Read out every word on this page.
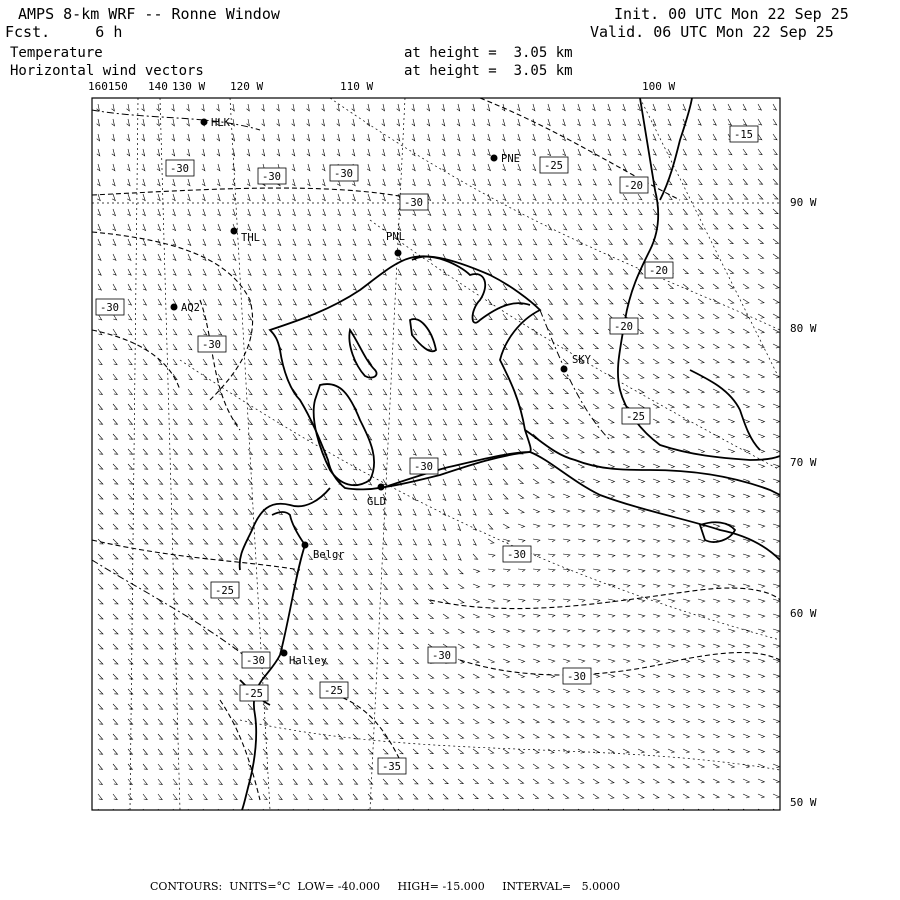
AMPS 8-km WRF -- Ronne Window
Fcst.     6 h
Init. 00 UTC Mon 22 Sep 25
Valid. 06 UTC Mon 22 Sep 25
Temperature	at height =  3.05 km
Horizontal wind vectors	at height =  3.05 km
160150 140 130 W 120 W	110 W	100 W
90 W
80 W
70 W
60 W
50 W
HLK
PNE
THL	PNL
AQ2
SKY
GLD
Belgr
Halley
-30
-30	-30
-25
-20
-15
-30
-20
-30
-30
-20
-25
-30
-30
-30
-30
-25
-25
-30
-35
-25
CONTOURS:  UNITS=°C  LOW= -40.000     HIGH= -15.000     INTERVAL=   5.0000
